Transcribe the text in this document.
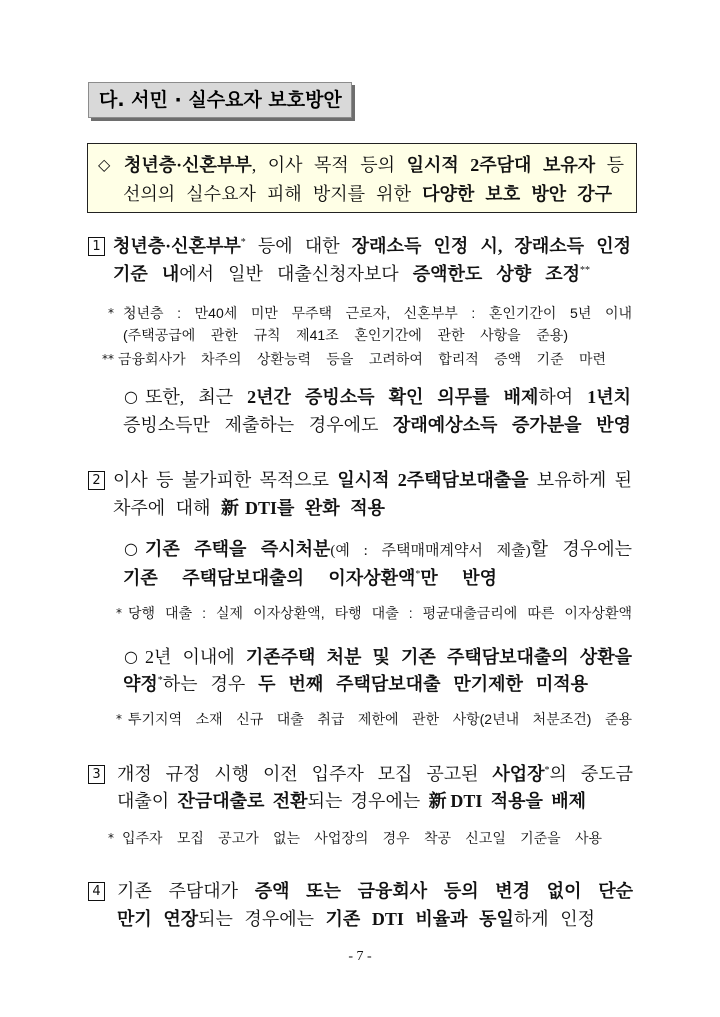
다. 서민 · 실수요자 보호방안
◇ 청년층·신혼부부, 이사 목적 등의 일시적 2주담대 보유자 등
선의의 실수요자 피해 방지를 위한 다양한 보호 방안 강구
1 청년층·신혼부부* 등에 대한 장래소득 인정 시, 장래소득 인정
기준 내에서 일반 대출신청자보다 증액한도 상향 조정**
* 청년층 : 만40세 미만 무주택 근로자, 신혼부부 : 혼인기간이 5년 이내
(주택공급에 관한 규칙 제41조 혼인기간에 관한 사항을 준용)
** 금융회사가 차주의 상환능력 등을 고려하여 합리적 증액 기준 마련
○ 또한, 최근 2년간 증빙소득 확인 의무를 배제하여 1년치
증빙소득만 제출하는 경우에도 장래예상소득 증가분을 반영
2 이사 등 불가피한 목적으로 일시적 2주택담보대출을 보유하게 된
차주에 대해 新DTI를 완화 적용
○ 기존 주택을 즉시처분(예 : 주택매매계약서 제출)할 경우에는
기존 주택담보대출의 이자상환액*만 반영
* 당행 대출 : 실제 이자상환액, 타행 대출 : 평균대출금리에 따른 이자상환액
○ 2년 이내에 기존주택 처분 및 기존 주택담보대출의 상환을
약정*하는 경우 두 번째 주택담보대출 만기제한 미적용
* 투기지역 소재 신규 대출 취급 제한에 관한 사항(2년내 처분조건) 준용
3 개정 규정 시행 이전 입주자 모집 공고된 사업장*의 중도금
대출이 잔금대출로 전환되는 경우에는 新DTI 적용을 배제
* 입주자 모집 공고가 없는 사업장의 경우 착공 신고일 기준을 사용
4 기존 주담대가 증액 또는 금융회사 등의 변경 없이 단순
만기 연장되는 경우에는 기존 DTI 비율과 동일하게 인정
- 7 -
